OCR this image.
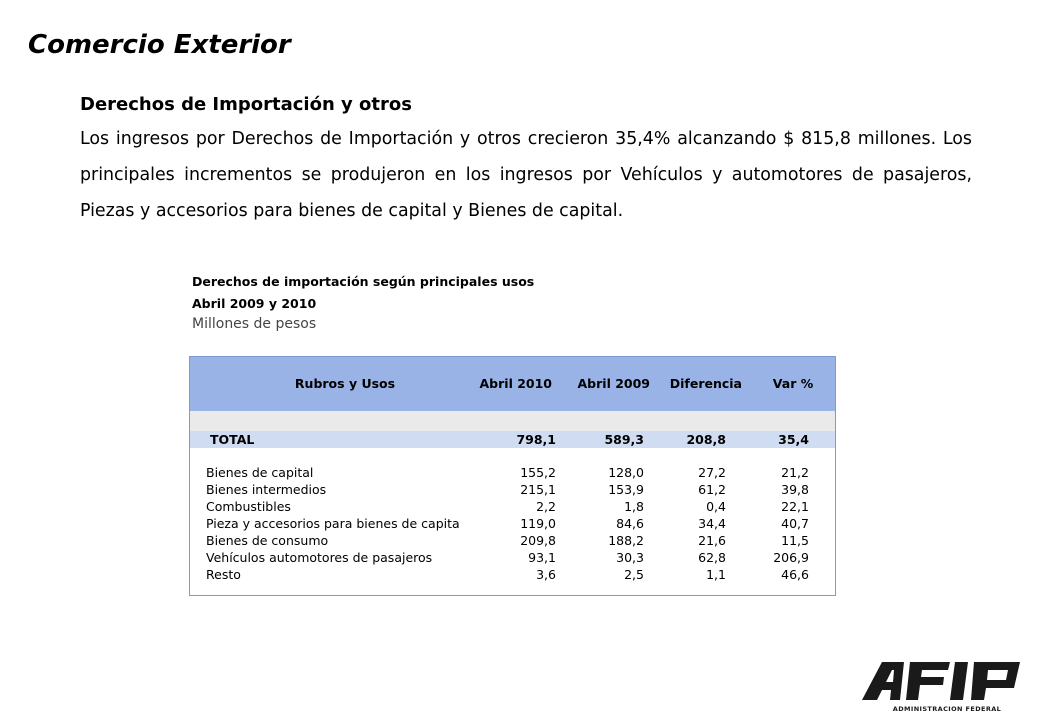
Comercio Exterior
Derechos de Importación y otros

Los ingresos por Derechos de Importación y otros crecieron 35,4% alcanzando $ 815,8 millones. Los principales incrementos se produjeron en los ingresos por Vehículos y automotores de pasajeros, Piezas y accesorios para bienes de capital y Bienes de capital.

Derechos de importación según principales usos
Abril 2009 y 2010
Millones de pesos
Rubros y Usos	Abril 2010	Abril 2009	Diferencia	Var %
TOTAL	798,1	589,3	208,8	35,4
Bienes de capital	155,2	128,0	27,2	21,2
Bienes intermedios	215,1	153,9	61,2	39,8
Combustibles	2,2	1,8	0,4	22,1
Pieza y accesorios para bienes de capita	119,0	84,6	34,4	40,7
Bienes de consumo	209,8	188,2	21,6	11,5
Vehículos automotores de pasajeros	93,1	30,3	62,8	206,9
Resto	3,6	2,5	1,1	46,6
ADMINISTRACION FEDERAL
